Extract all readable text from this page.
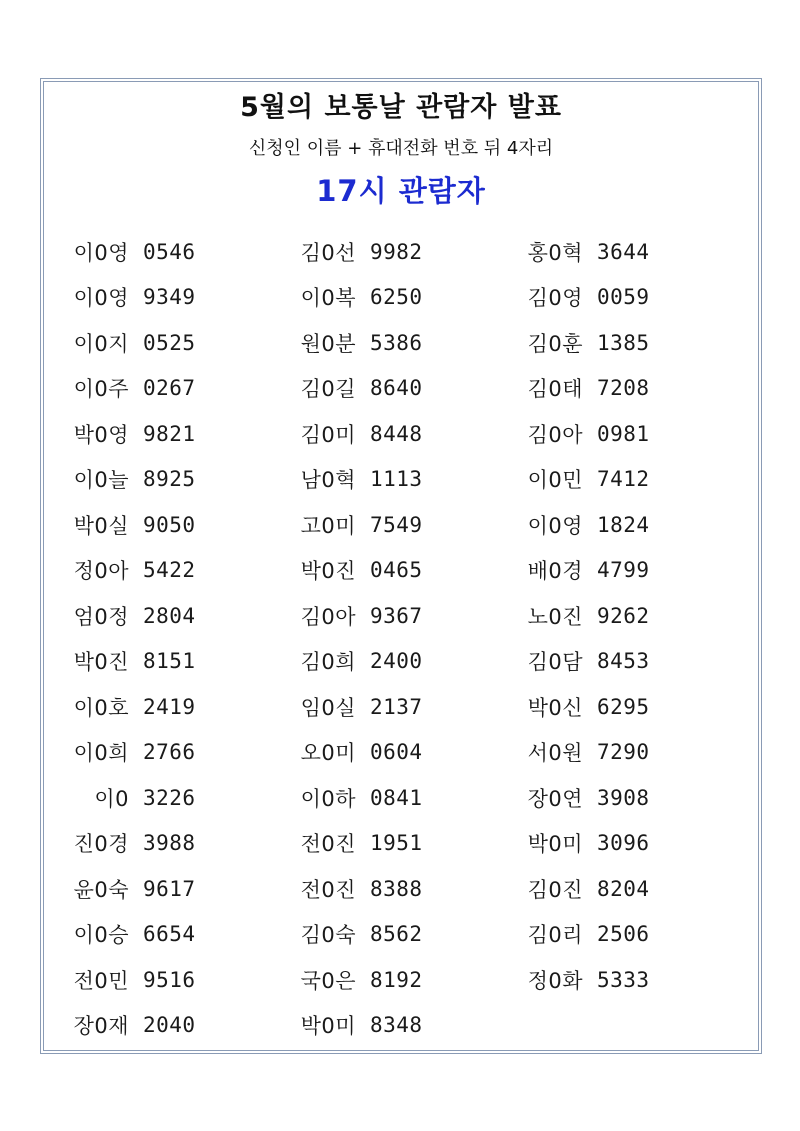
5월의 보통날 관람자 발표
신청인 이름 + 휴대전화 번호 뒤 4자리
17시 관람자
이0영 0546	김0선 9982	홍0혁 3644
이0영 9349	이0복 6250	김0영 0059
이0지 0525	원0분 5386	김0훈 1385
이0주 0267	김0길 8640	김0태 7208
박0영 9821	김0미 8448	김0아 0981
이0늘 8925	남0혁 1113	이0민 7412
박0실 9050	고0미 7549	이0영 1824
정0아 5422	박0진 0465	배0경 4799
엄0정 2804	김0아 9367	노0진 9262
박0진 8151	김0희 2400	김0담 8453
이0호 2419	임0실 2137	박0신 6295
이0희 2766	오0미 0604	서0원 7290
이0 3226	이0하 0841	장0연 3908
진0경 3988	전0진 1951	박0미 3096
윤0숙 9617	전0진 8388	김0진 8204
이0승 6654	김0숙 8562	김0리 2506
전0민 9516	국0은 8192	정0화 5333
장0재 2040	박0미 8348
